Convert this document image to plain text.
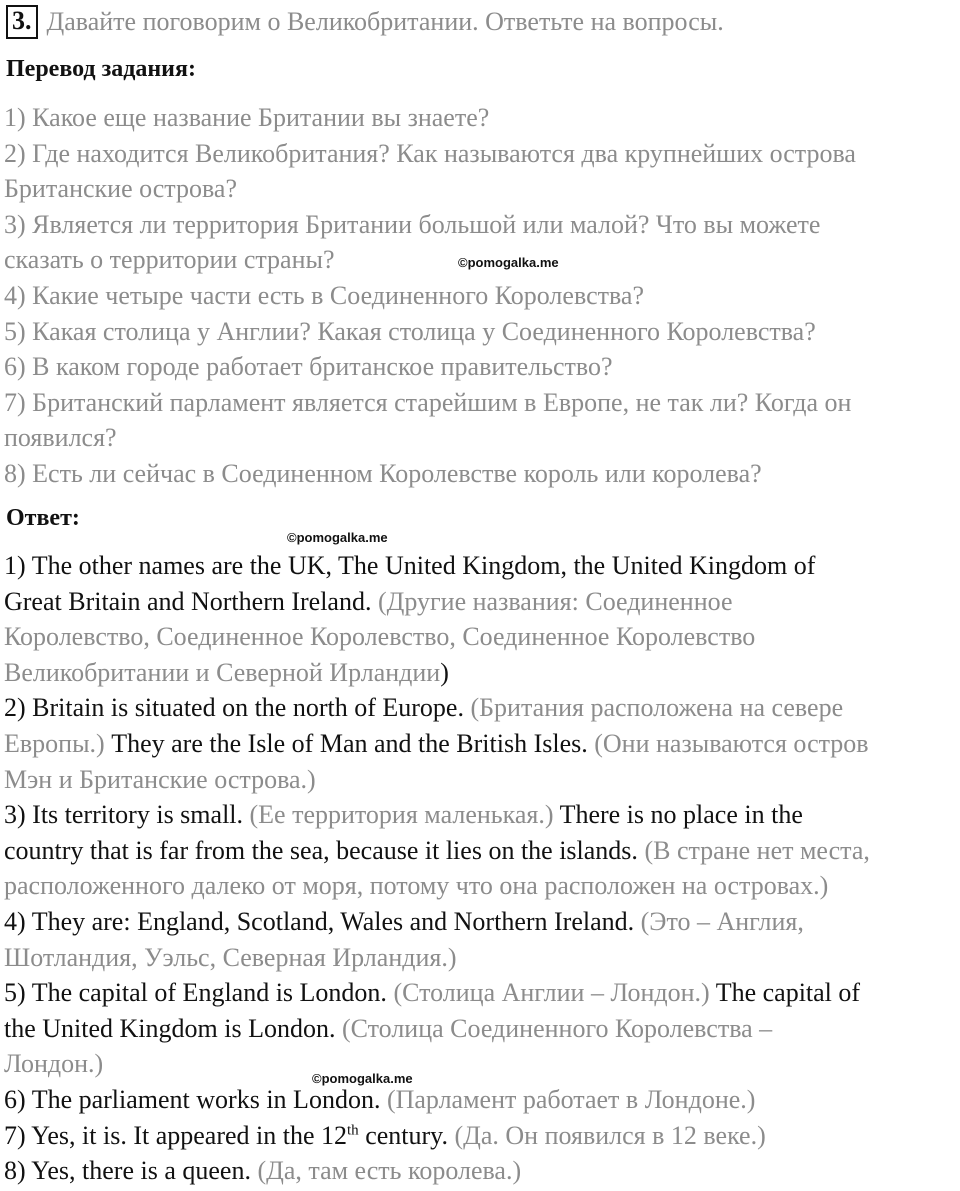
3. Давайте поговорим о Великобритании. Ответьте на вопросы.
Перевод задания:
1) Какое еще название Британии вы знаете?
2) Где находится Великобритания? Как называются два крупнейших острова
Британские острова?
3) Является ли территория Британии большой или малой? Что вы можете
сказать о территории страны?
4) Какие четыре части есть в Соединенного Королевства?
5) Какая столица у Англии? Какая столица у Соединенного Королевства?
6) В каком городе работает британское правительство?
7) Британский парламент является старейшим в Европе, не так ли? Когда он
появился?
8) Есть ли сейчас в Соединенном Королевстве король или королева?
Ответ:
1) The other names are the UK, The United Kingdom, the United Kingdom of
Great Britain and Northern Ireland. (Другие названия: Соединенное
Королевство, Соединенное Королевство, Соединенное Королевство
Великобритании и Северной Ирландии)
2) Britain is situated on the north of Europe. (Британия расположена на севере
Европы.) They are the Isle of Man and the British Isles. (Они называются остров
Мэн и Британские острова.)
3) Its territory is small. (Ее территория маленькая.) There is no place in the
country that is far from the sea, because it lies on the islands. (В стране нет места,
расположенного далеко от моря, потому что она расположен на островах.)
4) They are: England, Scotland, Wales and Northern Ireland. (Это – Англия,
Шотландия, Уэльс, Северная Ирландия.)
5) The capital of England is London. (Столица Англии – Лондон.) The capital of
the United Kingdom is London. (Столица Соединенного Королевства –
Лондон.)
6) The parliament works in London. (Парламент работает в Лондоне.)
7) Yes, it is. It appeared in the 12th century. (Да. Он появился в 12 веке.)
8) Yes, there is a queen. (Да, там есть королева.)
©pomogalka.me
©pomogalka.me
©pomogalka.me
